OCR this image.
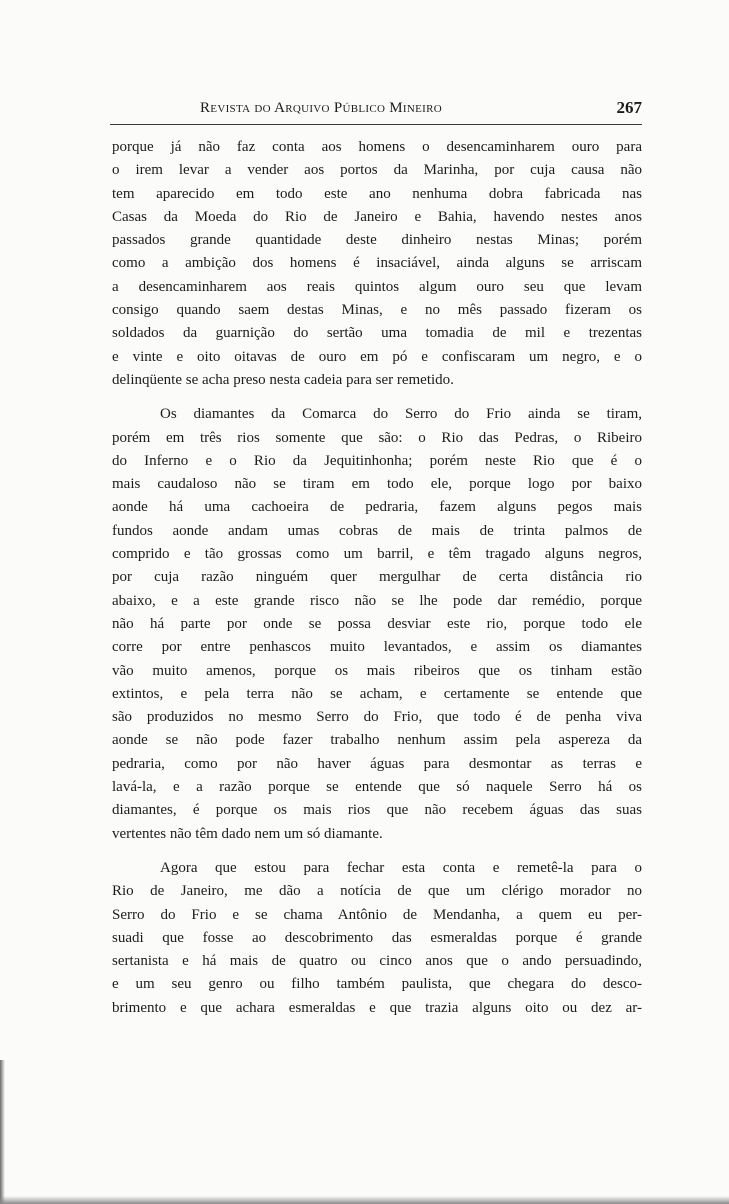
Revista do Arquivo Público Mineiro	267
porque já não faz conta aos homens o desencaminharem ouro para
o irem levar a vender aos portos da Marinha, por cuja causa não
tem aparecido em todo este ano nenhuma dobra fabricada nas
Casas da Moeda do Rio de Janeiro e Bahia, havendo nestes anos
passados grande quantidade deste dinheiro nestas Minas; porém
como a ambição dos homens é insaciável, ainda alguns se arriscam
a desencaminharem aos reais quintos algum ouro seu que levam
consigo quando saem destas Minas, e no mês passado fizeram os
soldados da guarnição do sertão uma tomadia de mil e trezentas
e vinte e oito oitavas de ouro em pó e confiscaram um negro, e o
delinqüente se acha preso nesta cadeia para ser remetido.
Os diamantes da Comarca do Serro do Frio ainda se tiram,
porém em três rios somente que são: o Rio das Pedras, o Ribeiro
do Inferno e o Rio da Jequitinhonha; porém neste Rio que é o
mais caudaloso não se tiram em todo ele, porque logo por baixo
aonde há uma cachoeira de pedraria, fazem alguns pegos mais
fundos aonde andam umas cobras de mais de trinta palmos de
comprido e tão grossas como um barril, e têm tragado alguns negros,
por cuja razão ninguém quer mergulhar de certa distância rio
abaixo, e a este grande risco não se lhe pode dar remédio, porque
não há parte por onde se possa desviar este rio, porque todo ele
corre por entre penhascos muito levantados, e assim os diamantes
vão muito amenos, porque os mais ribeiros que os tinham estão
extintos, e pela terra não se acham, e certamente se entende que
são produzidos no mesmo Serro do Frio, que todo é de penha viva
aonde se não pode fazer trabalho nenhum assim pela aspereza da
pedraria, como por não haver águas para desmontar as terras e
lavá-la, e a razão porque se entende que só naquele Serro há os
diamantes, é porque os mais rios que não recebem águas das suas
vertentes não têm dado nem um só diamante.
Agora que estou para fechar esta conta e remetê-la para o
Rio de Janeiro, me dão a notícia de que um clérigo morador no
Serro do Frio e se chama Antônio de Mendanha, a quem eu per-
suadi que fosse ao descobrimento das esmeraldas porque é grande
sertanista e há mais de quatro ou cinco anos que o ando persuadindo,
e um seu genro ou filho também paulista, que chegara do desco-
brimento e que achara esmeraldas e que trazia alguns oito ou dez ar-
